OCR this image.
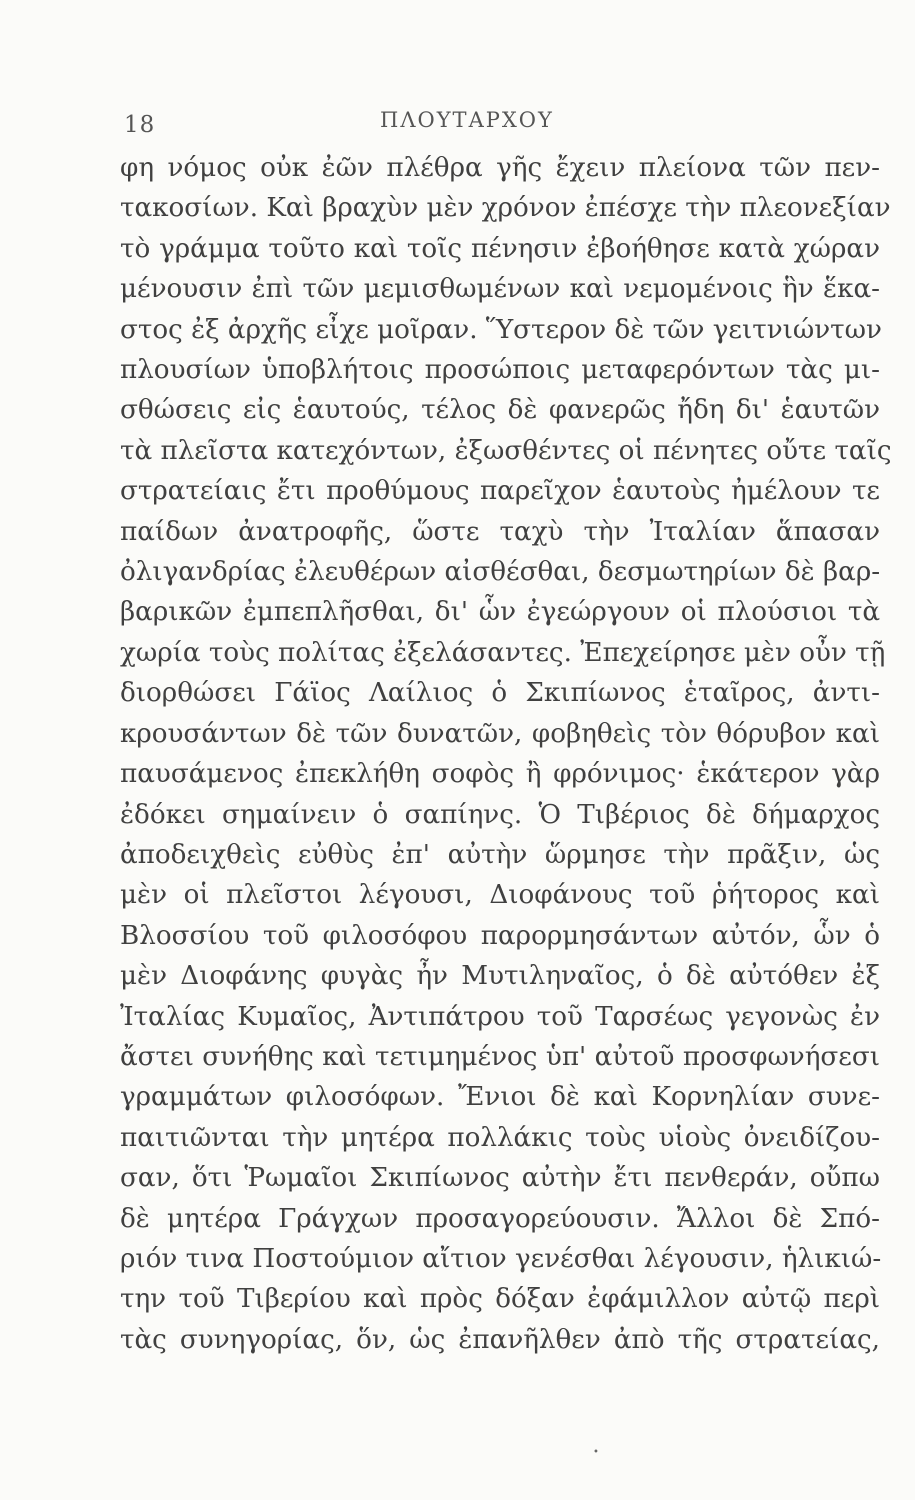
18	ΠΛΟΥΤΑΡΧΟΥ
φη νόμος οὐκ ἐῶν πλέθρα γῆς ἔχειν πλείονα τῶν πεν-
τακοσίων. Καὶ βραχὺν μὲν χρόνον ἐπέσχε τὴν πλεονεξίαν
τὸ γράμμα τοῦτο καὶ τοῖς πένησιν ἐβοήθησε κατὰ χώραν
μένουσιν ἐπὶ τῶν μεμισθωμένων καὶ νεμομένοις ἣν ἕκα-
στος ἐξ ἀρχῆς εἶχε μοῖραν. Ὕστερον δὲ τῶν γειτνιώντων
πλουσίων ὑποβλήτοις προσώποις μεταφερόντων τὰς μι-
σθώσεις εἰς ἑαυτούς, τέλος δὲ φανερῶς ἤδη δι' ἑαυτῶν
τὰ πλεῖστα κατεχόντων, ἐξωσθέντες οἱ πένητες οὔτε ταῖς
στρατείαις ἔτι προθύμους παρεῖχον ἑαυτοὺς ἠμέλουν τε
παίδων ἀνατροφῆς, ὥστε ταχὺ τὴν Ἰταλίαν ἅπασαν
ὀλιγανδρίας ἐλευθέρων αἰσθέσθαι, δεσμωτηρίων δὲ βαρ-
βαρικῶν ἐμπεπλῆσθαι, δι' ὧν ἐγεώργουν οἱ πλούσιοι τὰ
χωρία τοὺς πολίτας ἐξελάσαντες. Ἐπεχείρησε μὲν οὖν τῇ
διορθώσει Γάϊος Λαίλιος ὁ Σκιπίωνος ἑταῖρος, ἀντι-
κρουσάντων δὲ τῶν δυνατῶν, φοβηθεὶς τὸν θόρυβον καὶ
παυσάμενος ἐπεκλήθη σοφὸς ἢ φρόνιμος· ἑκάτερον γὰρ
ἐδόκει σημαίνειν ὁ σαπίηνς. Ὁ Τιβέριος δὲ δήμαρχος
ἀποδειχθεὶς εὐθὺς ἐπ' αὐτὴν ὥρμησε τὴν πρᾶξιν, ὡς
μὲν οἱ πλεῖστοι λέγουσι, Διοφάνους τοῦ ῥήτορος καὶ
Βλοσσίου τοῦ φιλοσόφου παρορμησάντων αὐτόν, ὧν ὁ
μὲν Διοφάνης φυγὰς ἦν Μυτιληναῖος, ὁ δὲ αὐτόθεν ἐξ
Ἰταλίας Κυμαῖος, Ἀντιπάτρου τοῦ Ταρσέως γεγονὼς ἐν
ἄστει συνήθης καὶ τετιμημένος ὑπ' αὐτοῦ προσφωνήσεσι
γραμμάτων φιλοσόφων. Ἔνιοι δὲ καὶ Κορνηλίαν συνε-
παιτιῶνται τὴν μητέρα πολλάκις τοὺς υἱοὺς ὀνειδίζου-
σαν, ὅτι Ῥωμαῖοι Σκιπίωνος αὐτὴν ἔτι πενθεράν, οὔπω
δὲ μητέρα Γράγχων προσαγορεύουσιν. Ἄλλοι δὲ Σπό-
ριόν τινα Ποστούμιον αἴτιον γενέσθαι λέγουσιν, ἡλικιώ-
την τοῦ Τιβερίου καὶ πρὸς δόξαν ἐφάμιλλον αὐτῷ περὶ
τὰς συνηγορίας, ὅν, ὡς ἐπανῆλθεν ἀπὸ τῆς στρατείας,
•
